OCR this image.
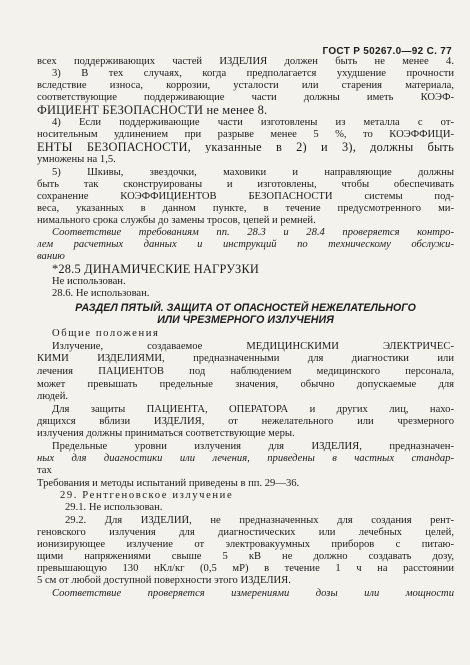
ГОСТ Р 50267.0—92 С. 77
всех поддерживающих частей ИЗДЕЛИЯ должен быть не менее 4.
3) В тех случаях, когда предполагается ухудшение прочности
вследствие износа, коррозии, усталости или старения материала,
соответствующие поддерживающие части должны иметь КОЭФ-
ФИЦИЕНТ БЕЗОПАСНОСТИ не менее 8.
4) Если поддерживающие части изготовлены из металла с от-
носительным удлинением при разрыве менее 5 %, то КОЭФФИЦИ-
ЕНТЫ БЕЗОПАСНОСТИ, указанные в 2) и 3), должны быть
умножены на 1,5.
5) Шкивы, звездочки, маховики и направляющие должны
быть так сконструированы и изготовлены, чтобы обеспечивать
сохранение КОЭФФИЦИЕНТОВ БЕЗОПАСНОСТИ системы под-
веса, указанных в данном пункте, в течение предусмотренного ми-
нимального срока службы до замены тросов, цепей и ремней.
Соответствие требованиям пп. 28.3 и 28.4 проверяется контро-
лем расчетных данных и инструкций по техническому обслужи-
ванию
*28.5 ДИНАМИЧЕСКИЕ НАГРУЗКИ
Не использован.
28.6. Не использован.
РАЗДЕЛ ПЯТЫЙ. ЗАЩИТА ОТ ОПАСНОСТЕЙ НЕЖЕЛАТЕЛЬНОГО
ИЛИ ЧРЕЗМЕРНОГО ИЗЛУЧЕНИЯ
Общие положения
Излучение, создаваемое МЕДИЦИНСКИМИ ЭЛЕКТРИЧЕС-
КИМИ ИЗДЕЛИЯМИ, предназначенными для диагностики или
лечения ПАЦИЕНТОВ под наблюдением медицинского персонала,
может превышать предельные значения, обычно допускаемые для
людей.
Для защиты ПАЦИЕНТА, ОПЕРАТОРА и других лиц, нахо-
дящихся вблизи ИЗДЕЛИЯ, от нежелательного или чрезмерного
излучения должны приниматься соответствующие меры.
Предельные уровни излучения для ИЗДЕЛИЯ, предназначен-
ных для диагностики или лечения, приведены в частных стандар-
тах
Требования и методы испытаний приведены в пп. 29—36.
29. Рентгеновское излучение
29.1. Не использован.
29.2. Для ИЗДЕЛИЙ, не предназначенных для создания рент-
геновского излучения для диагностических или лечебных целей,
ионизирующее излучение от электровакуумных приборов с питаю-
щими напряжениями свыше 5 кВ не должно создавать дозу,
превышающую 130 нКл/кг (0,5 мР) в течение 1 ч на расстоянии
5 см от любой доступной поверхности этого ИЗДЕЛИЯ.
Соответствие проверяется измерениями дозы или мощности
